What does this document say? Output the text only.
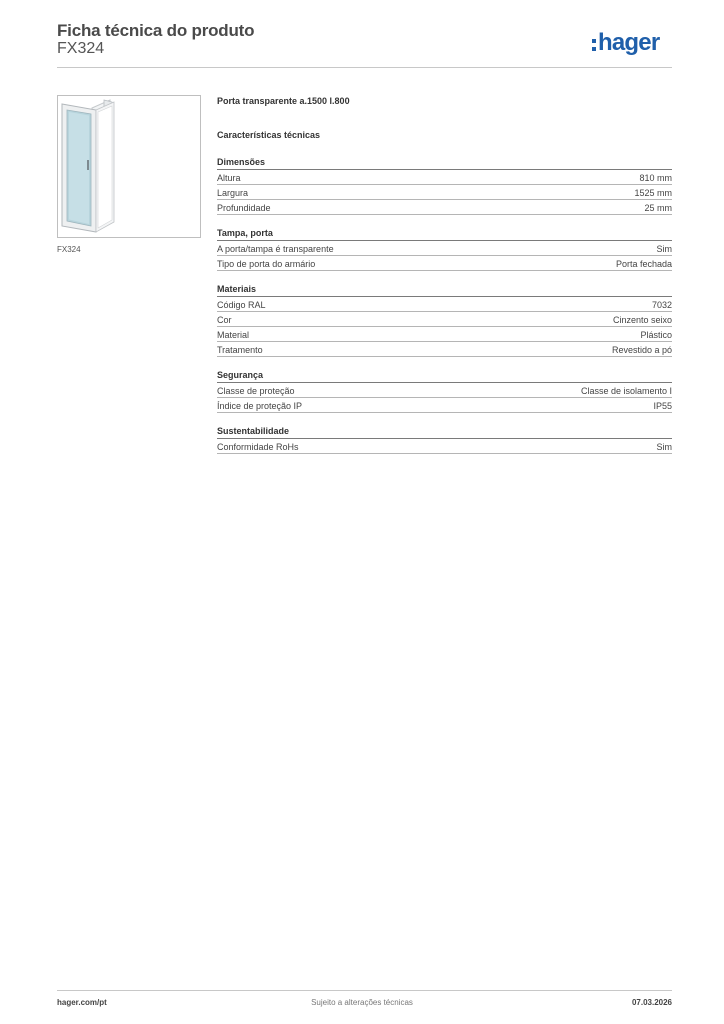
Ficha técnica do produto
FX324	hager
FX324
Porta transparente a.1500 l.800
Características técnicas
Dimensões
Altura	810 mm
Largura	1525 mm
Profundidade	25 mm
Tampa, porta
A porta/tampa é transparente	Sim
Tipo de porta do armário	Porta fechada
Materiais
Código RAL	7032
Cor	Cinzento seixo
Material	Plástico
Tratamento	Revestido a pó
Segurança
Classe de proteção	Classe de isolamento I
Índice de proteção IP	IP55
Sustentabilidade
Conformidade RoHs	Sim
hager.com/pt	Sujeito a alterações técnicas	07.03.2026
